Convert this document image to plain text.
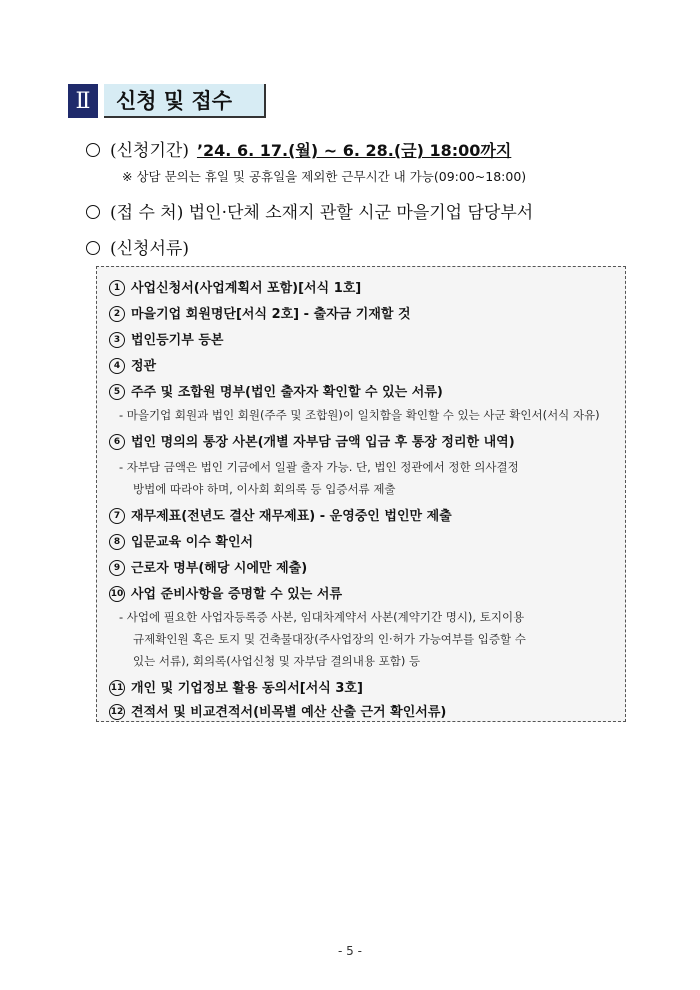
Ⅱ	신청 및 접수
(신청기간) ’24. 6. 17.(월) ~ 6. 28.(금) 18:00까지
※ 상담 문의는 휴일 및 공휴일을 제외한 근무시간 내 가능(09:00~18:00)
(접 수 처) 법인·단체 소재지 관할 시군 마을기업 담당부서
(신청서류)
1 사업신청서(사업계획서 포함)[서식 1호]
2 마을기업 회원명단[서식 2호] - 출자금 기재할 것
3 법인등기부 등본
4 정관
5 주주 및 조합원 명부(법인 출자자 확인할 수 있는 서류)
- 마을기업 회원과 법인 회원(주주 및 조합원)이 일치함을 확인할 수 있는 사군 확인서(서식 자유)
6 법인 명의의 통장 사본(개별 자부담 금액 입금 후 통장 정리한 내역)
- 자부담 금액은 법인 기금에서 일괄 출자 가능. 단, 법인 정관에서 정한 의사결정
방법에 따라야 하며, 이사회 회의록 등 입증서류 제출
7 재무제표(전년도 결산 재무제표) - 운영중인 법인만 제출
8 입문교육 이수 확인서
9 근로자 명부(해당 시에만 제출)
10 사업 준비사항을 증명할 수 있는 서류
- 사업에 필요한 사업자등록증 사본, 임대차계약서 사본(계약기간 명시), 토지이용
규제확인원 혹은 토지 및 건축물대장(주사업장의 인·허가 가능여부를 입증할 수
있는 서류), 회의록(사업신청 및 자부담 결의내용 포함) 등
11 개인 및 기업정보 활용 동의서[서식 3호]
12 견적서 및 비교견적서(비목별 예산 산출 근거 확인서류)
- 5 -
